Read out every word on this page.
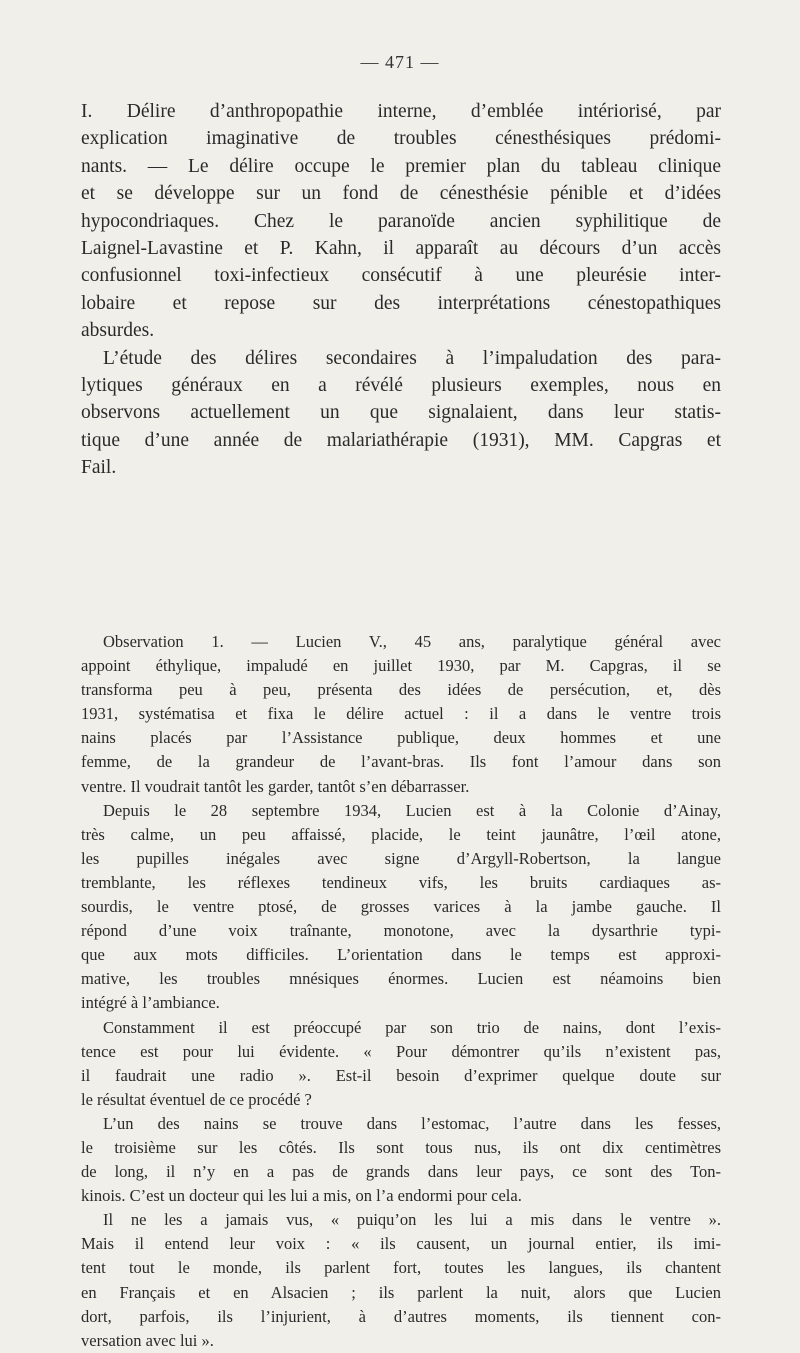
— 471 —
I. Délire d’anthropopathie interne, d’emblée intériorisé, par
explication imaginative de troubles cénesthésiques prédomi-
nants. — Le délire occupe le premier plan du tableau clinique
et se développe sur un fond de cénesthésie pénible et d’idées
hypocondriaques. Chez le paranoïde ancien syphilitique de
Laignel-Lavastine et P. Kahn, il apparaît au décours d’un accès
confusionnel toxi-infectieux consécutif à une pleurésie inter-
lobaire et repose sur des interprétations cénestopathiques
absurdes.
L’étude des délires secondaires à l’impaludation des para-
lytiques généraux en a révélé plusieurs exemples, nous en
observons actuellement un que signalaient, dans leur statis-
tique d’une année de malariathérapie (1931), MM. Capgras et
Fail.
Observation 1. — Lucien V., 45 ans, paralytique général avec
appoint éthylique, impaludé en juillet 1930, par M. Capgras, il se
transforma peu à peu, présenta des idées de persécution, et, dès
1931, systématisa et fixa le délire actuel : il a dans le ventre trois
nains placés par l’Assistance publique, deux hommes et une
femme, de la grandeur de l’avant-bras. Ils font l’amour dans son
ventre. Il voudrait tantôt les garder, tantôt s’en débarrasser.
Depuis le 28 septembre 1934, Lucien est à la Colonie d’Ainay,
très calme, un peu affaissé, placide, le teint jaunâtre, l’œil atone,
les pupilles inégales avec signe d’Argyll-Robertson, la langue
tremblante, les réflexes tendineux vifs, les bruits cardiaques as-
sourdis, le ventre ptosé, de grosses varices à la jambe gauche. Il
répond d’une voix traînante, monotone, avec la dysarthrie typi-
que aux mots difficiles. L’orientation dans le temps est approxi-
mative, les troubles mnésiques énormes. Lucien est néamoins bien
intégré à l’ambiance.
Constamment il est préoccupé par son trio de nains, dont l’exis-
tence est pour lui évidente. « Pour démontrer qu’ils n’existent pas,
il faudrait une radio ». Est-il besoin d’exprimer quelque doute sur
le résultat éventuel de ce procédé ?
L’un des nains se trouve dans l’estomac, l’autre dans les fesses,
le troisième sur les côtés. Ils sont tous nus, ils ont dix centimètres
de long, il n’y en a pas de grands dans leur pays, ce sont des Ton-
kinois. C’est un docteur qui les lui a mis, on l’a endormi pour cela.
Il ne les a jamais vus, « puiqu’on les lui a mis dans le ventre ».
Mais il entend leur voix : « ils causent, un journal entier, ils imi-
tent tout le monde, ils parlent fort, toutes les langues, ils chantent
en Français et en Alsacien ; ils parlent la nuit, alors que Lucien
dort, parfois, ils l’injurient, à d’autres moments, ils tiennent con-
versation avec lui ».
